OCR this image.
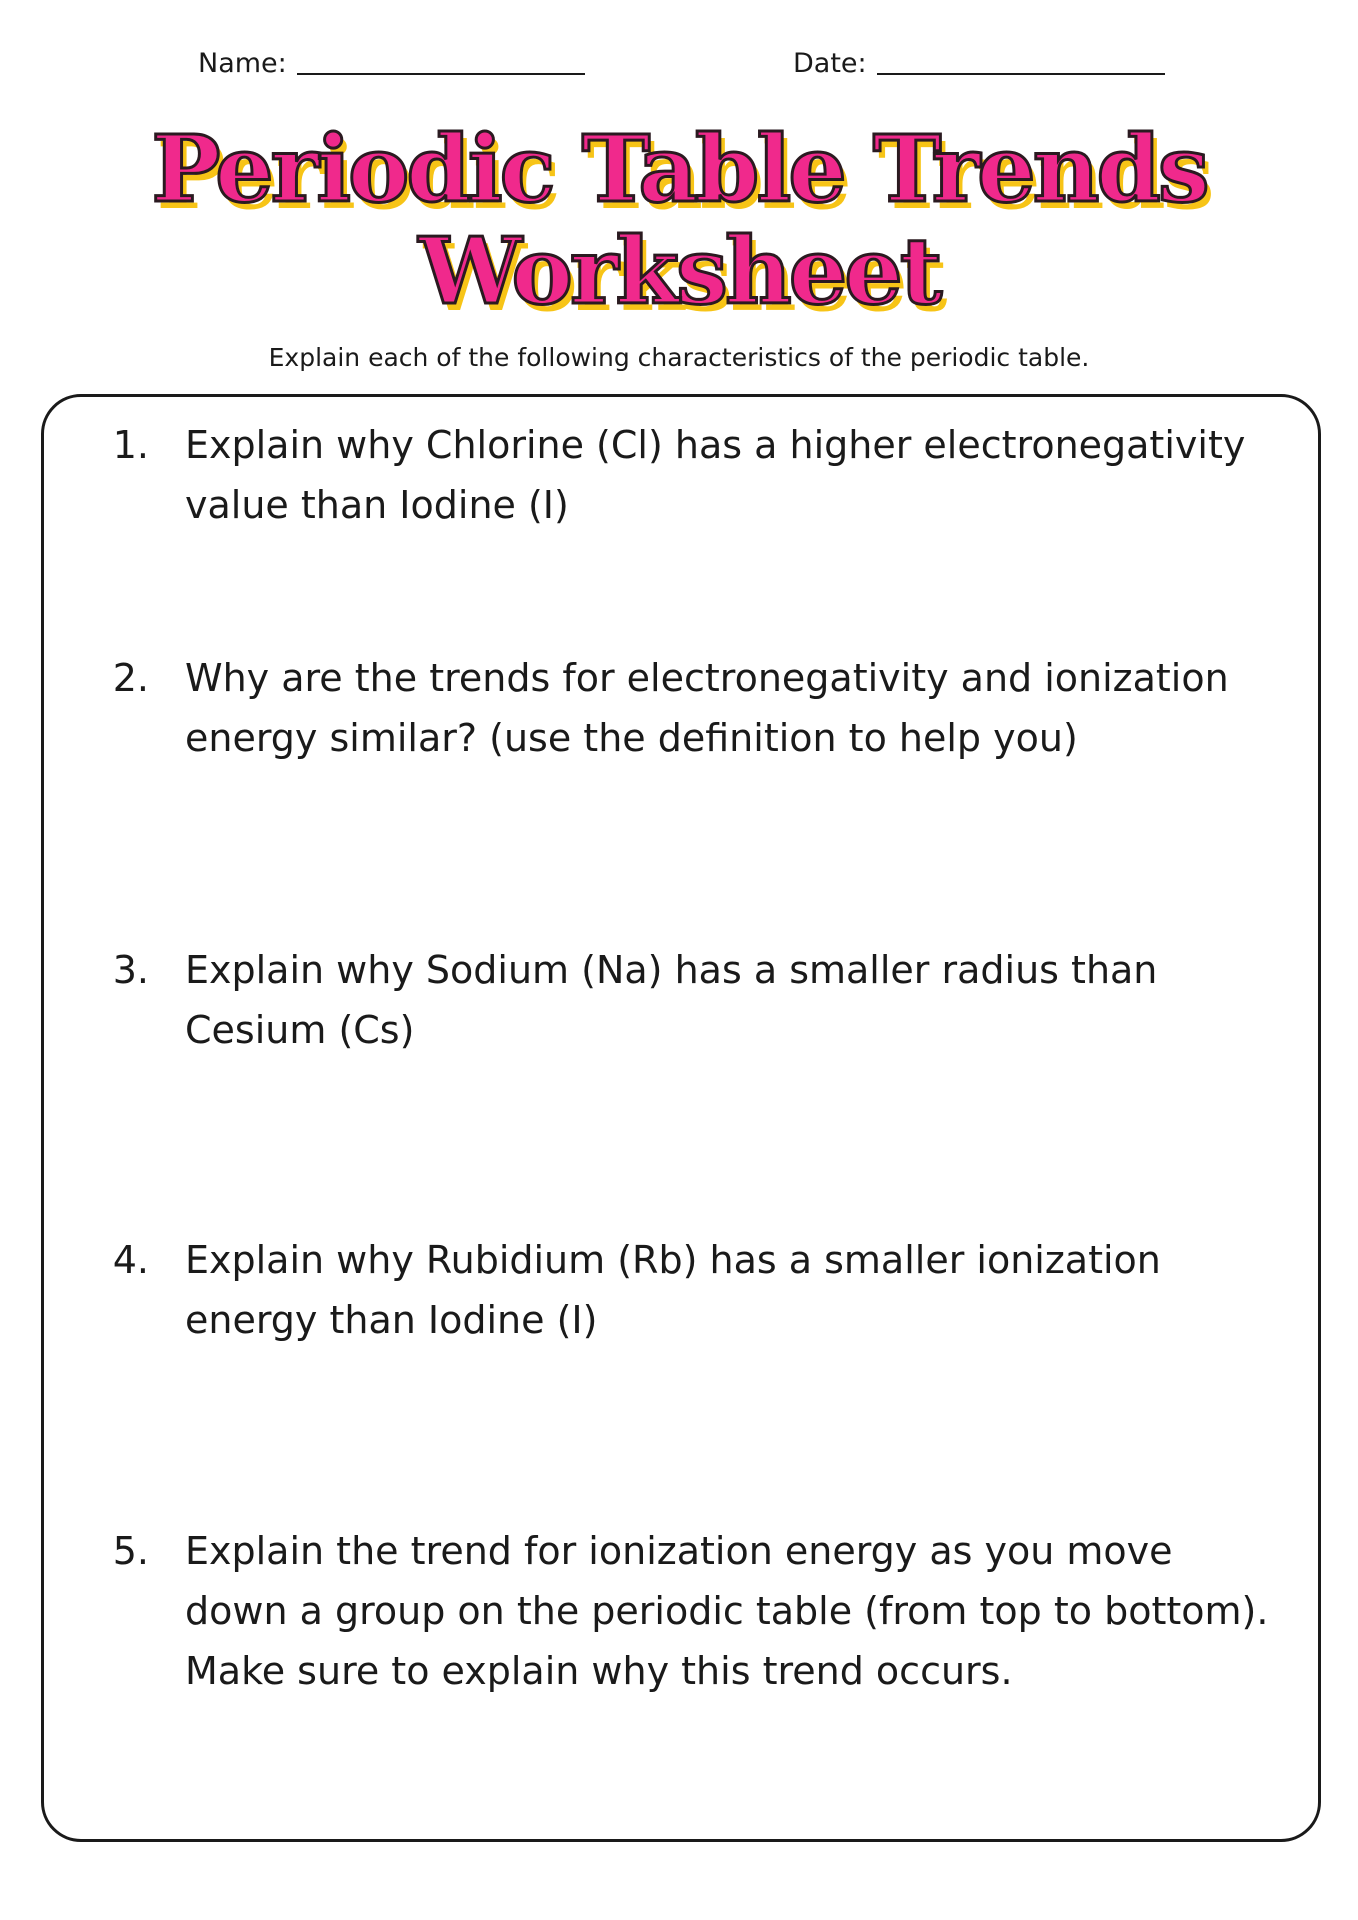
Name:	Date:
Periodic Table Trends
Worksheet
Explain each of the following characteristics of the periodic table.
1. Explain why Chlorine (Cl) has a higher electronegativity value than Iodine (I)
2. Why are the trends for electronegativity and ionization energy similar? (use the definition to help you)
3. Explain why Sodium (Na) has a smaller radius than Cesium (Cs)
4. Explain why Rubidium (Rb) has a smaller ionization energy than Iodine (I)
5. Explain the trend for ionization energy as you move down a group on the periodic table (from top to bottom). Make sure to explain why this trend occurs.
